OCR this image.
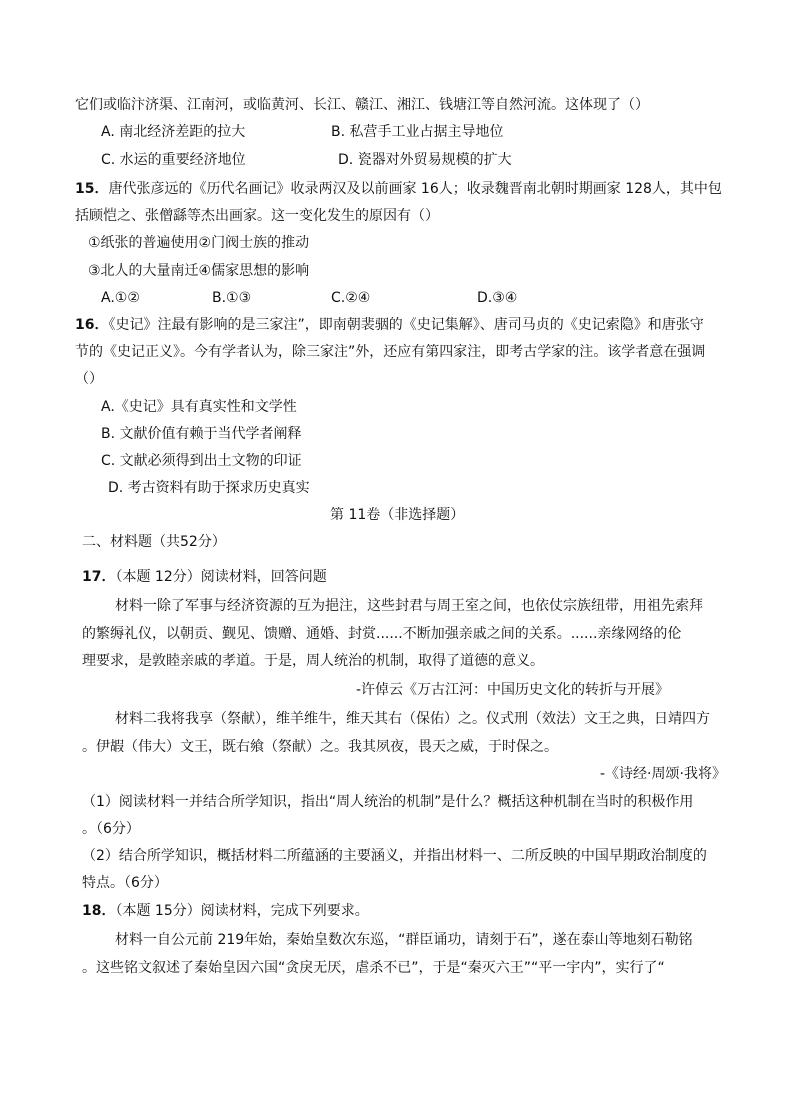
它们或临汴济渠、江南河，或临黄河、长江、赣江、湘江、钱塘江等自然河流。这体现了（）
A. 南北经济差距的拉大	B. 私营手工业占据主导地位
C. 水运的重要经济地位	D. 瓷器对外贸易规模的扩大
15．唐代张彦远的《历代名画记》收录两汉及以前画家 16人；收录魏晋南北朝时期画家 128人，其中包
括顾恺之、张僧繇等杰出画家。这一变化发生的原因有（）
①纸张的普遍使用②门阀士族的推动
③北人的大量南迁④儒家思想的影响
A.①②	B.①③	C.②④	D.③④
16．《史记》注最有影响的是三家注”，即南朝裴骃的《史记集解》、唐司马贞的《史记索隐》和唐张守
节的《史记正义》。今有学者认为，除三家注”外，还应有第四家注，即考古学家的注。该学者意在强调
（）
A.《史记》具有真实性和文学性
B. 文献价值有赖于当代学者阐释
C. 文献必须得到出土文物的印证
D. 考古资料有助于探求历史真实
第 11卷（非选择题）
二、材料题（共52分）
17．（本题 12分）阅读材料，回答问题
材料一除了军事与经济资源的互为挹注，这些封君与周王室之间，也依仗宗族纽带，用祖先索拜
的繁缛礼仪，以朝贡、觐见、馈赠、通婚、封赏......不断加强亲戚之间的关系。......亲缘网络的伦
理要求，是敦睦亲戚的孝道。于是，周人统治的机制，取得了道德的意义。
-许倬云《万古江河：中国历史文化的转折与开展》
材料二我将我享（祭献），维羊维牛，维天其右（保佑）之。仪式刑（效法）文王之典，日靖四方
。伊嘏（伟大）文王，既右飨（祭献）之。我其夙夜，畏天之威，于时保之。
-《诗经·周颂·我将》
（1）阅读材料一并结合所学知识，指出“周人统治的机制”是什么？概括这种机制在当时的积极作用
。（6分）
（2）结合所学知识，概括材料二所蕴涵的主要涵义，并指出材料一、二所反映的中国早期政治制度的
特点。（6分）
18．（本题 15分）阅读材料，完成下列要求。
材料一自公元前 219年始，秦始皇数次东巡，“群臣诵功，请刻于石”，遂在泰山等地刻石勒铭
。这些铭文叙述了秦始皇因六国“贪戾无厌，虐杀不已”，于是“秦灭六王”“平一宇内”，实行了“
